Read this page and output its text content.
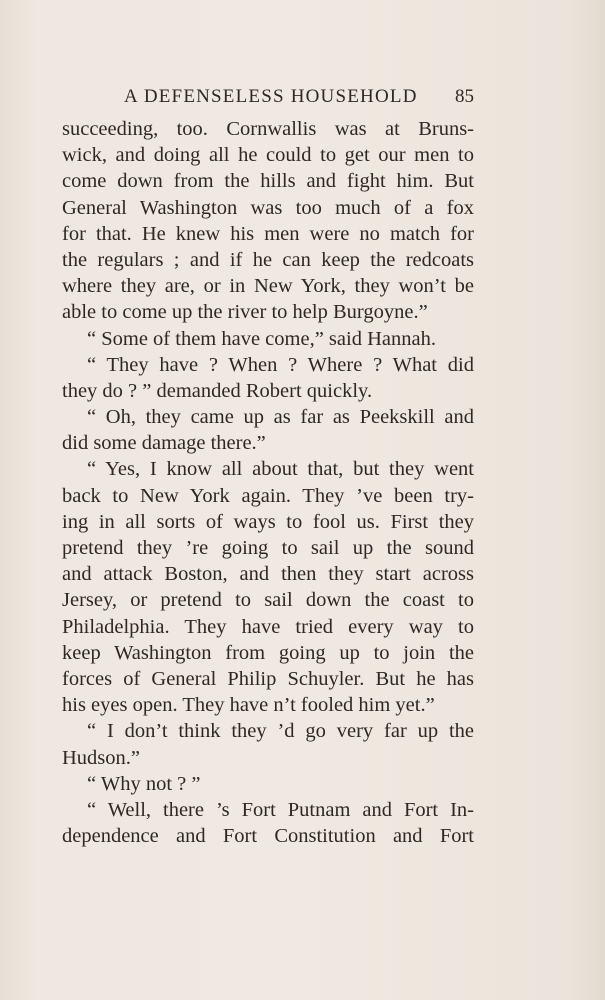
A DEFENSELESS HOUSEHOLD 85
succeeding, too. Cornwallis was at Bruns-
wick, and doing all he could to get our men to
come down from the hills and fight him. But
General Washington was too much of a fox
for that. He knew his men were no match for
the regulars ; and if he can keep the redcoats
where they are, or in New York, they won’t be
able to come up the river to help Burgoyne.”
“ Some of them have come,” said Hannah.
“ They have ? When ? Where ? What did
they do ? ” demanded Robert quickly.
“ Oh, they came up as far as Peekskill and
did some damage there.”
“ Yes, I know all about that, but they went
back to New York again. They ’ve been try-
ing in all sorts of ways to fool us. First they
pretend they ’re going to sail up the sound
and attack Boston, and then they start across
Jersey, or pretend to sail down the coast to
Philadelphia. They have tried every way to
keep Washington from going up to join the
forces of General Philip Schuyler. But he has
his eyes open. They have n’t fooled him yet.”
“ I don’t think they ’d go very far up the
Hudson.”
“ Why not ? ”
“ Well, there ’s Fort Putnam and Fort In-
dependence and Fort Constitution and Fort
